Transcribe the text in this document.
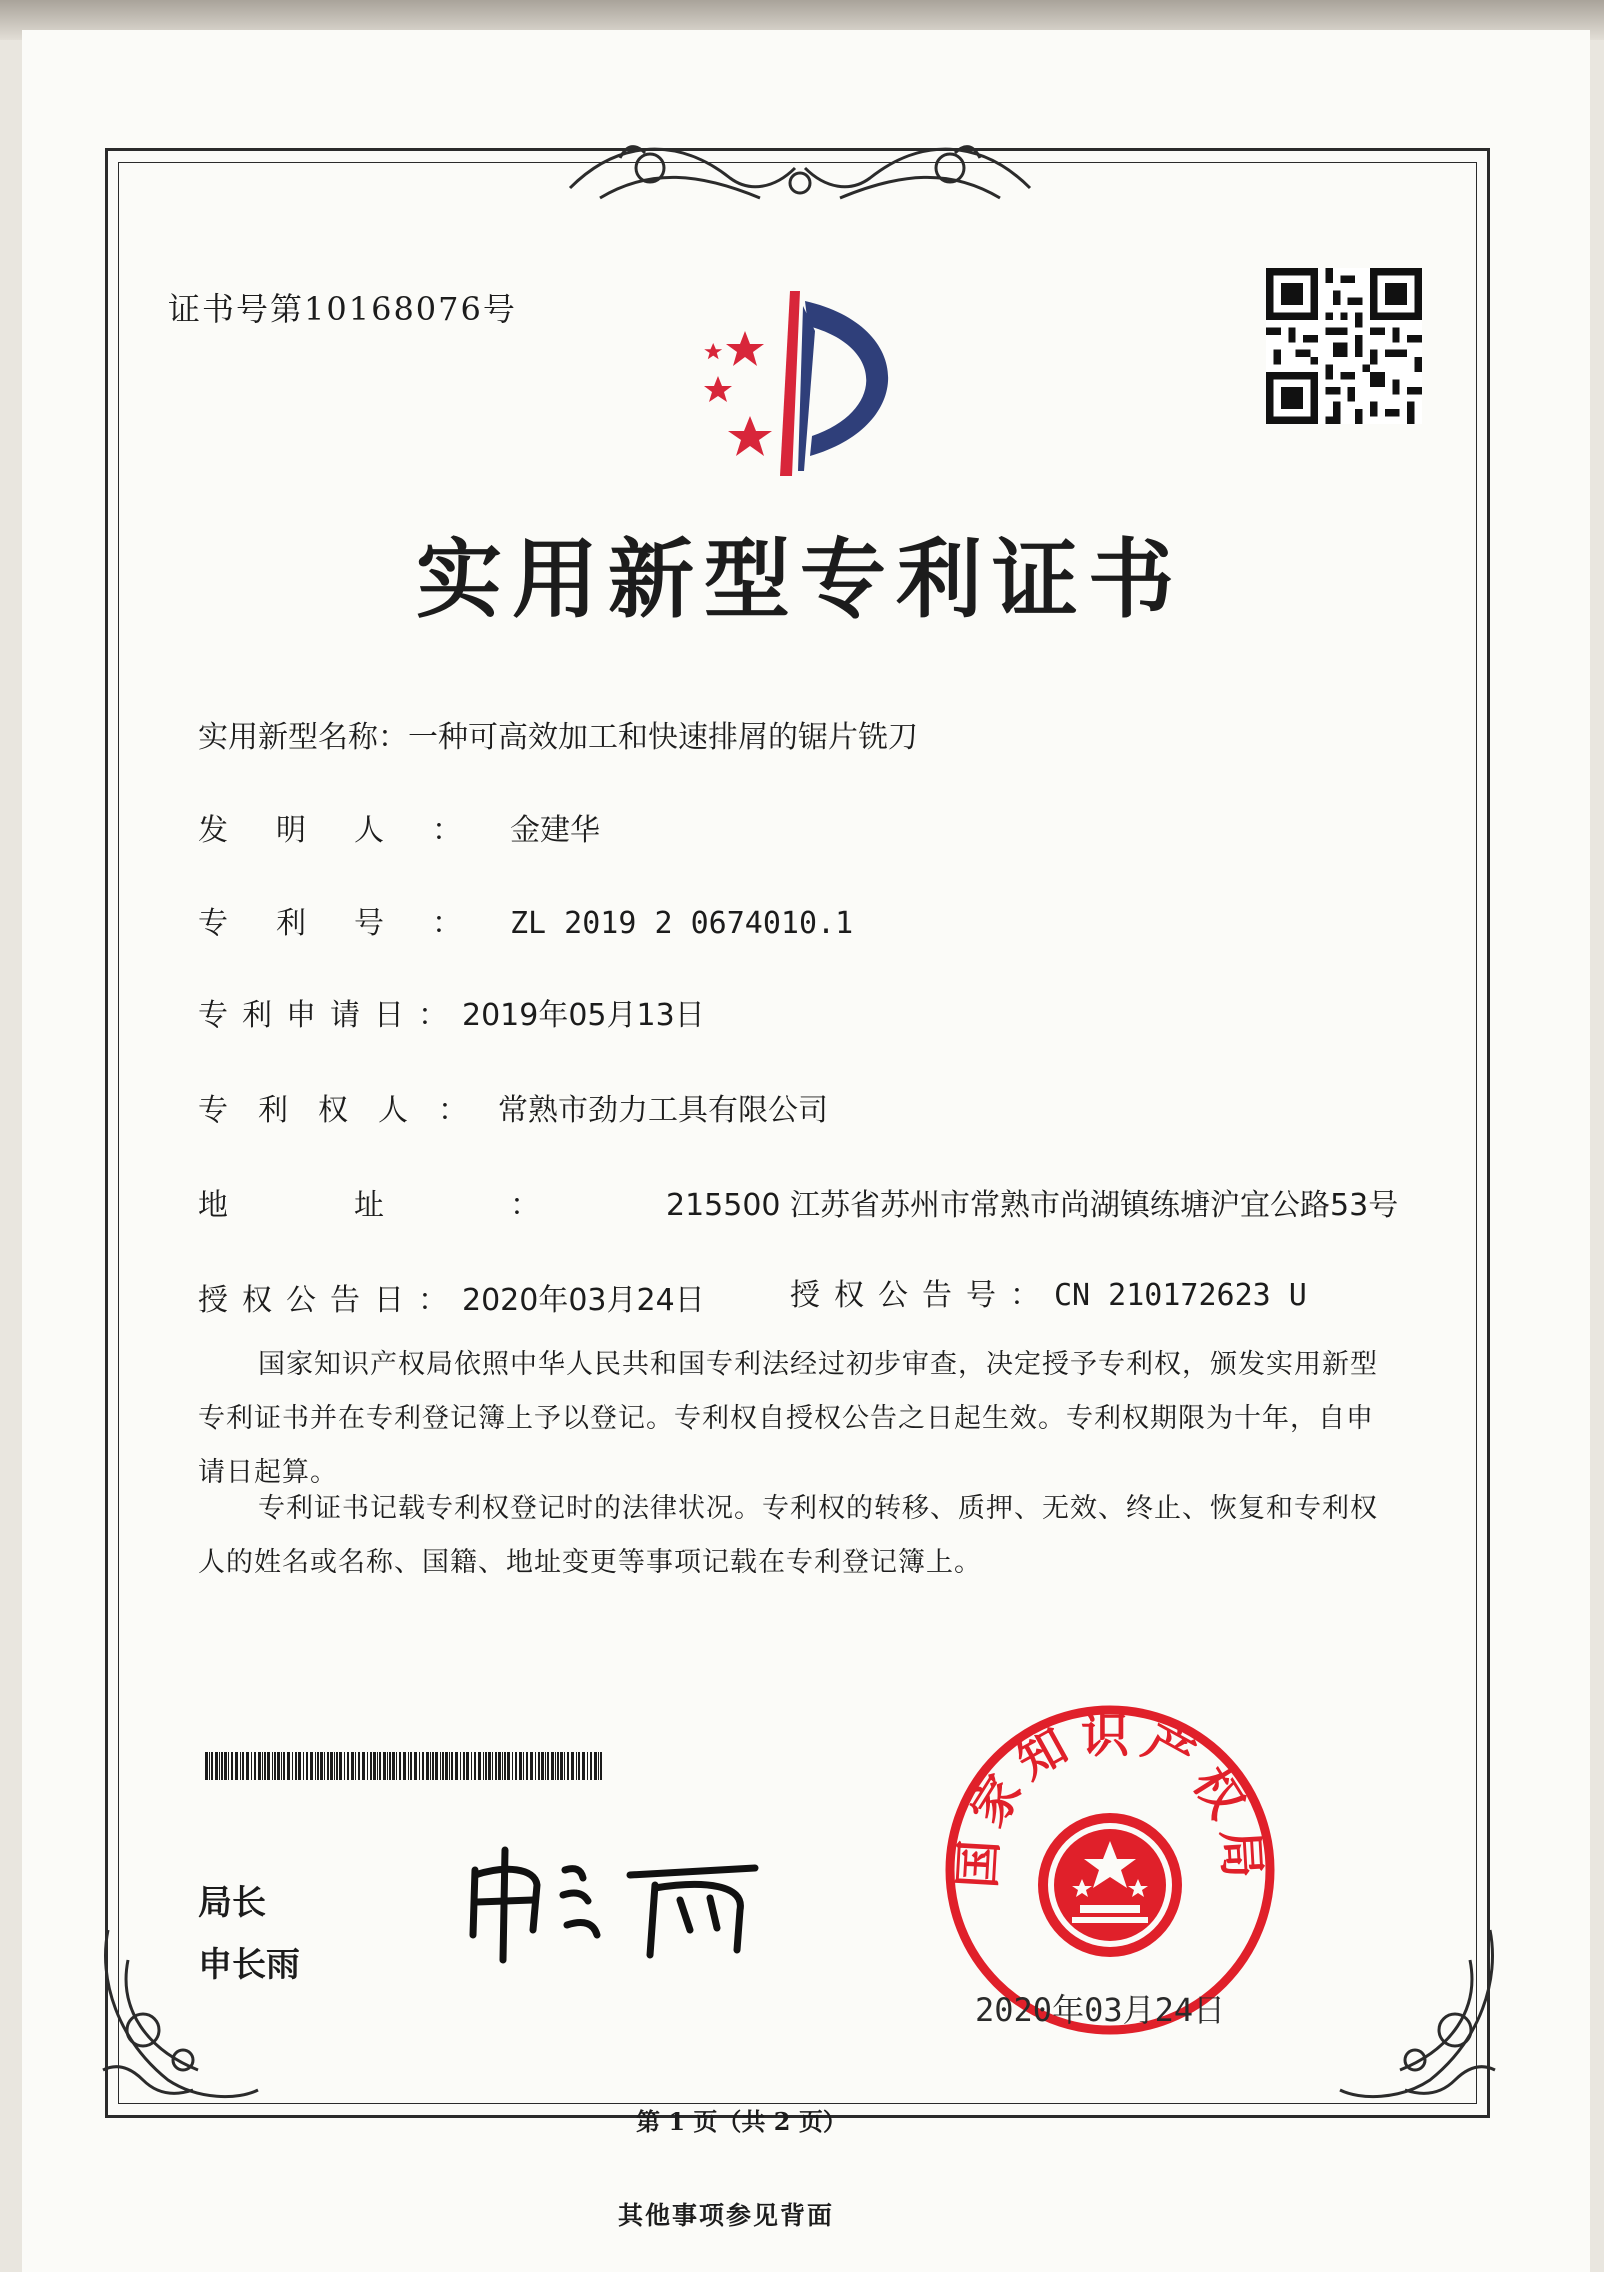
证书号第10168076号
实用新型专利证书
实用新型名称：一种可高效加工和快速排屑的锯片铣刀
发明人：金建华
专利号：ZL 2019 2 0674010.1
专利申请日：2019年05月13日
专利权人：常熟市劲力工具有限公司
地址：215500 江苏省苏州市常熟市尚湖镇练塘沪宜公路53号
授权公告日：2020年03月24日	授权公告号：CN 210172623 U
国家知识产权局依照中华人民共和国专利法经过初步审查，决定授予专利权，颁发实用新型专利证书并在专利登记簿上予以登记。专利权自授权公告之日起生效。专利权期限为十年，自申请日起算。
专利证书记载专利权登记时的法律状况。专利权的转移、质押、无效、终止、恢复和专利权人的姓名或名称、国籍、地址变更等事项记载在专利登记簿上。
局长
申长雨
国家知识产权局
2020年03月24日
第 1 页（共 2 页）
其他事项参见背面
